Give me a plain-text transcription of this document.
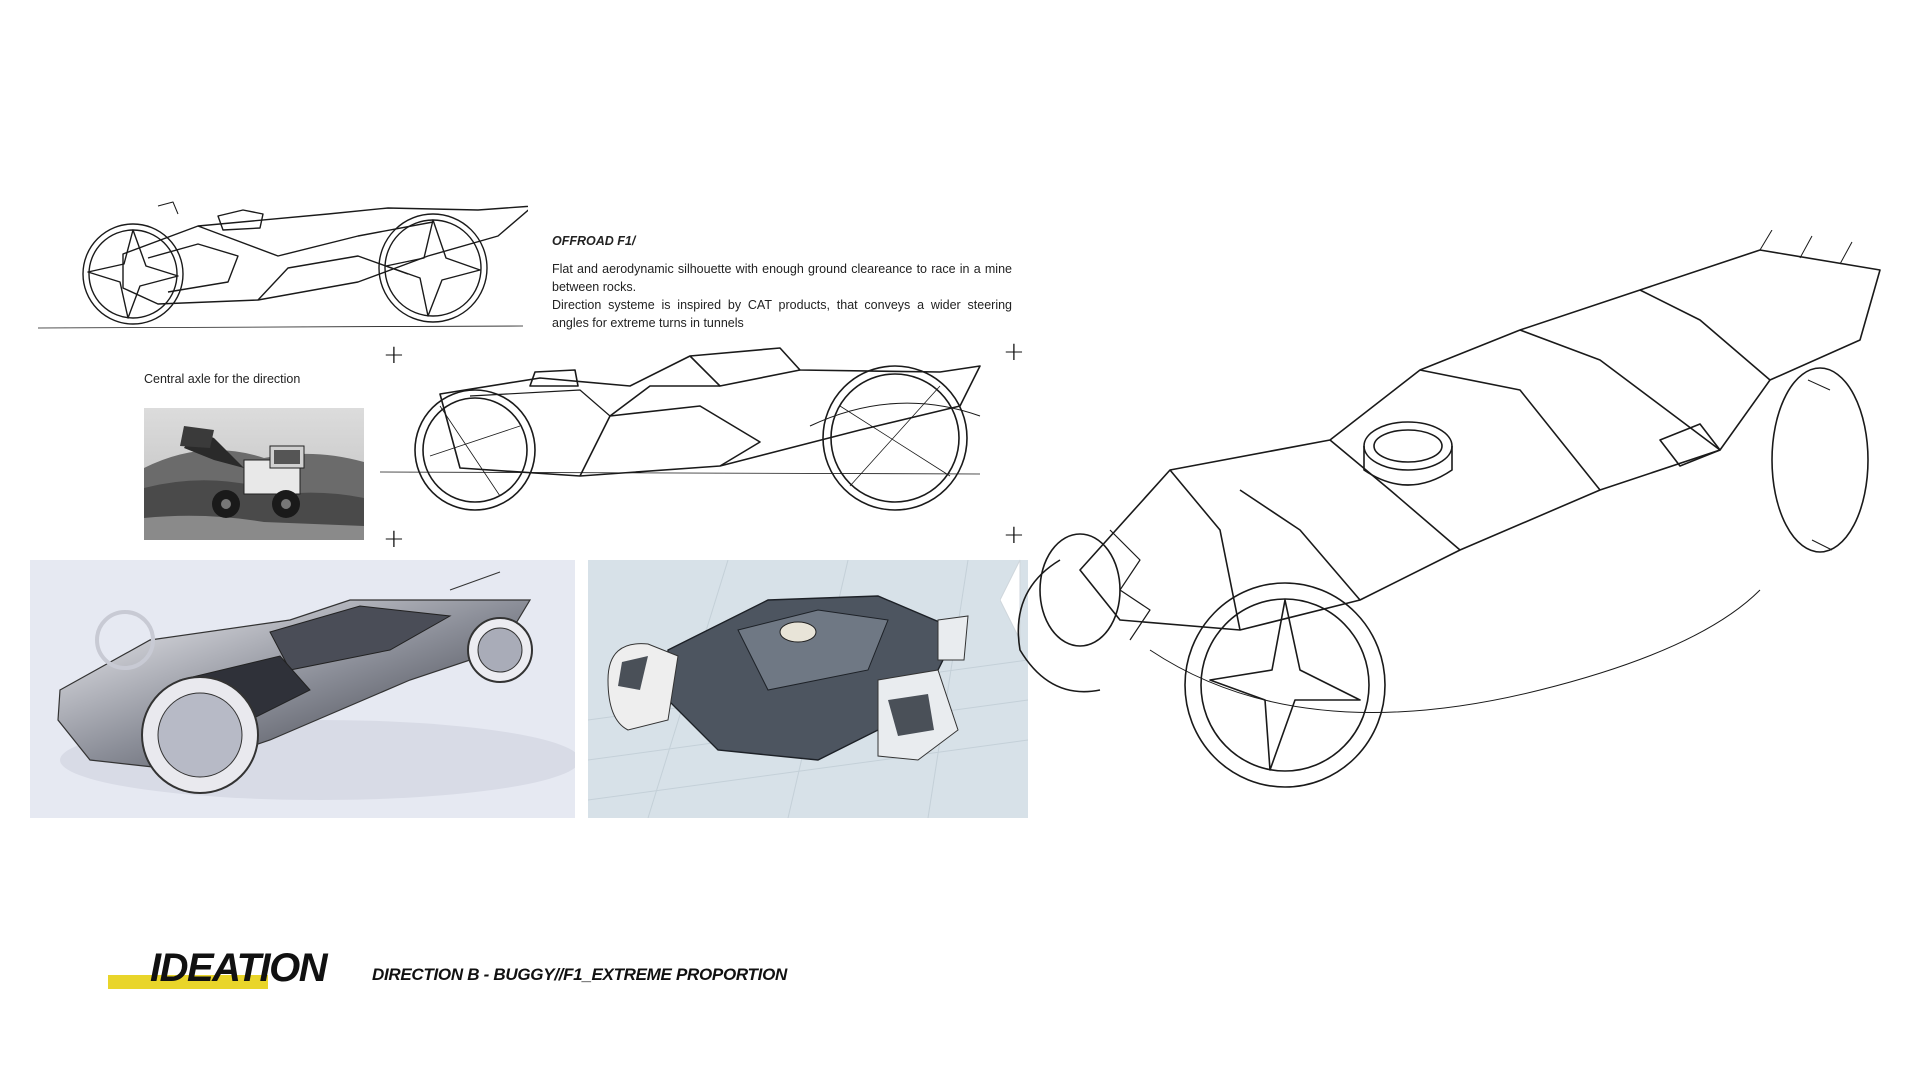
OFFROAD F1/

Flat and aerodynamic silhouette with enough ground cleareance to race in a mine between rocks.

Direction systeme is inspired by CAT products, that conveys a wider steering angles for extreme turns in tunnels

+	+
+	+
Central axle for the direction
IDEATION	DIRECTION B - BUGGY//F1_EXTREME PROPORTION
